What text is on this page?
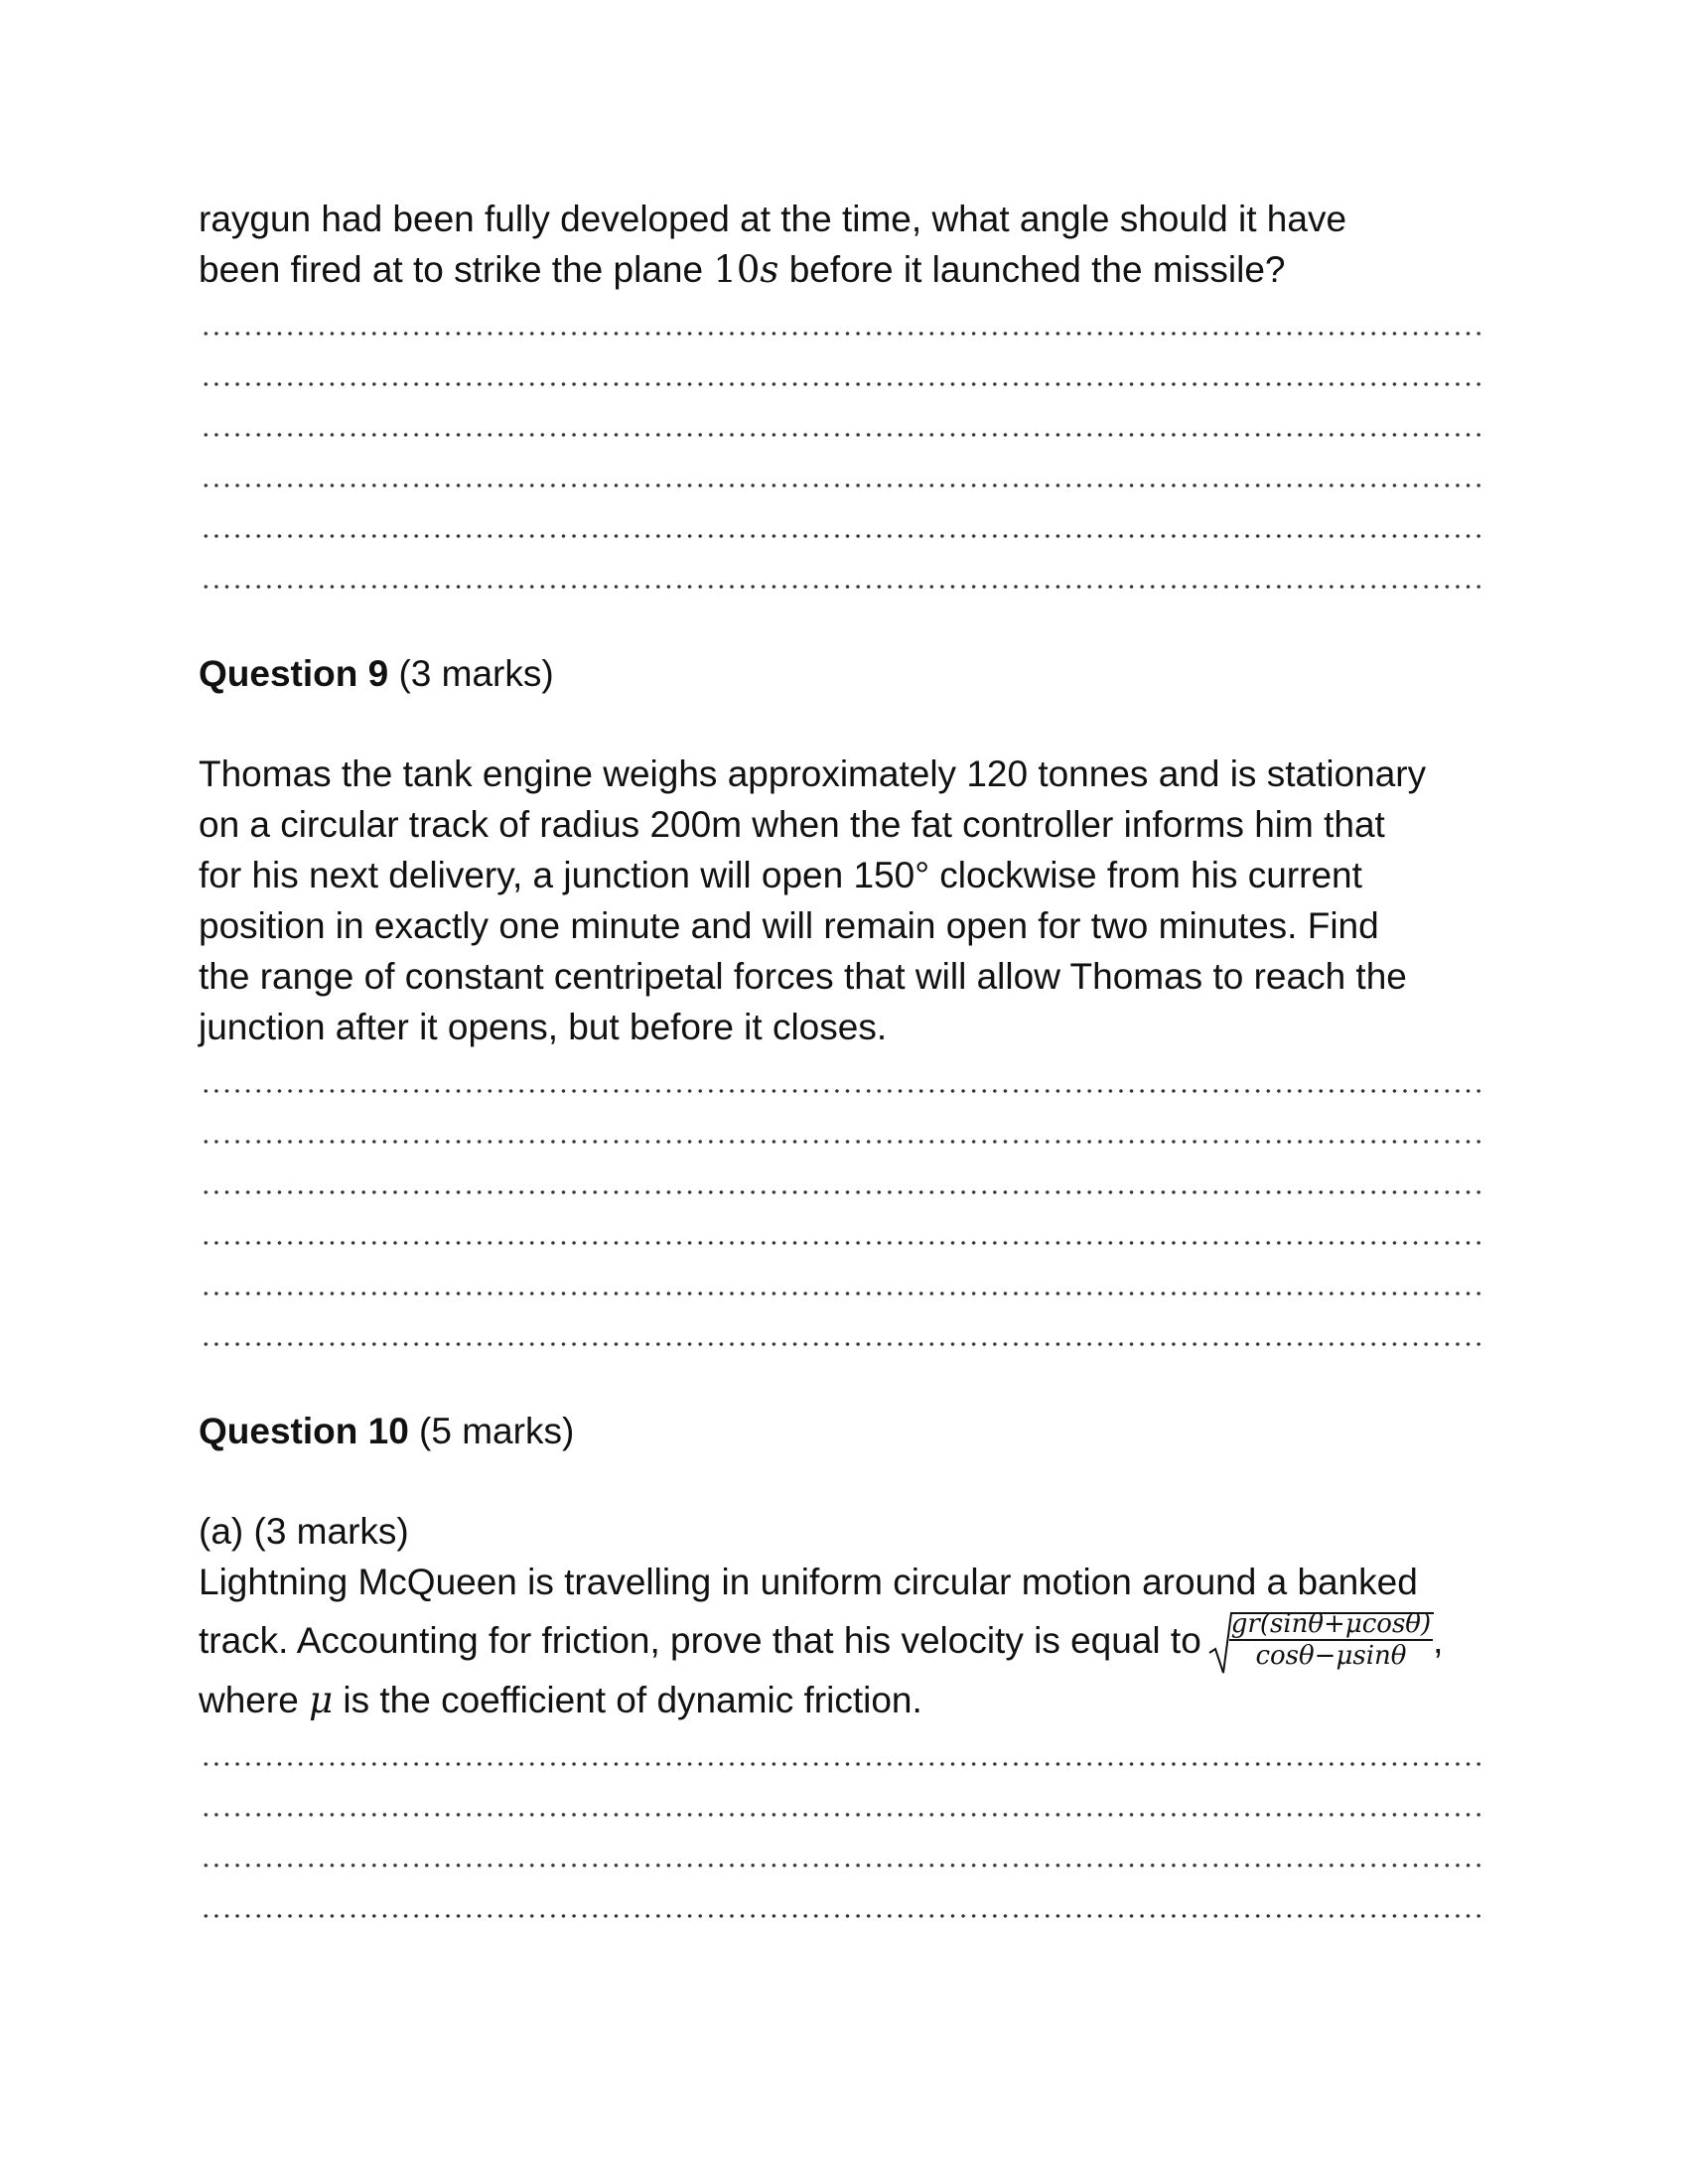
raygun had been fully developed at the time, what angle should it have
been fired at to strike the plane 10s before it launched the missile?

Question 9 (3 marks)

Thomas the tank engine weighs approximately 120 tonnes and is stationary
on a circular track of radius 200m when the fat controller informs him that
for his next delivery, a junction will open 150° clockwise from his current
position in exactly one minute and will remain open for two minutes. Find
the range of constant centripetal forces that will allow Thomas to reach the
junction after it opens, but before it closes.

Question 10 (5 marks)

(a) (3 marks)
Lightning McQueen is travelling in uniform circular motion around a banked
track. Accounting for friction, prove that his velocity is equal to $\frac{gr(\sin\theta+\mu\cos\theta)}{\cos\theta-\mu\sin\theta}$ ,
where μ is the coefficient of dynamic friction.
